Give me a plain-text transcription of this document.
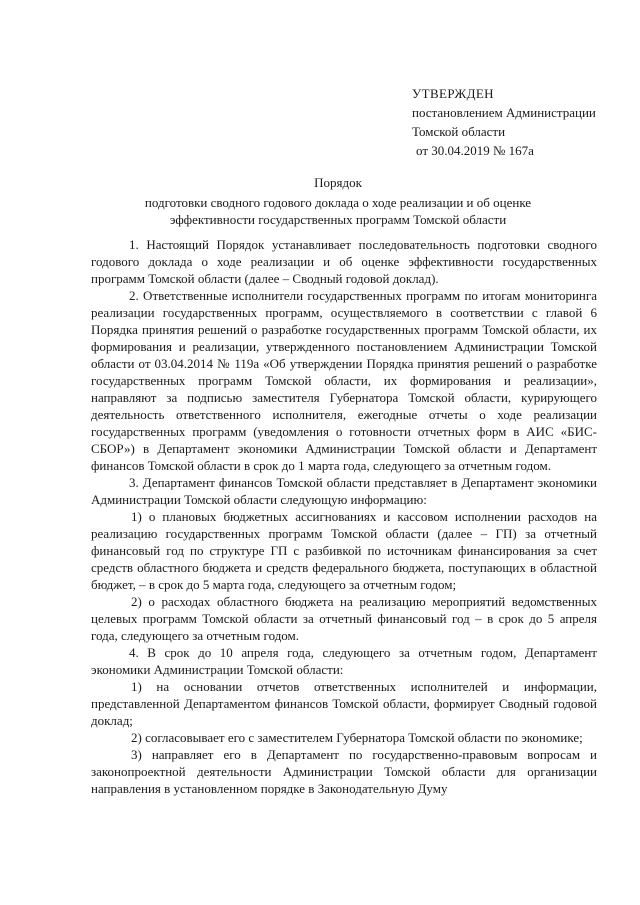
УТВЕРЖДЕН
постановлением Администрации
Томской области
от 30.04.2019 № 167а
Порядок
подготовки сводного годового доклада о ходе реализации и об оценке
эффективности государственных программ Томской области

1. Настоящий Порядок устанавливает последовательность подготовки сводного годового доклада о ходе реализации и об оценке эффективности государственных программ Томской области (далее – Сводный годовой доклад).

2. Ответственные исполнители государственных программ по итогам мониторинга реализации государственных программ, осуществляемого в соответствии с главой 6 Порядка принятия решений о разработке государственных программ Томской области, их формирования и реализации, утвержденного постановлением Администрации Томской области от 03.04.2014 № 119а «Об утверждении Порядка принятия решений о разработке государственных программ Томской области, их формирования и реализации», направляют за подписью заместителя Губернатора Томской области, курирующего деятельность ответственного исполнителя, ежегодные отчеты о ходе реализации государственных программ (уведомления о готовности отчетных форм в АИС «БИС-СБОР») в Департамент экономики Администрации Томской области и Департамент финансов Томской области в срок до 1 марта года, следующего за отчетным годом.

3. Департамент финансов Томской области представляет в Департамент экономики Администрации Томской области следующую информацию:

1) о плановых бюджетных ассигнованиях и кассовом исполнении расходов на реализацию государственных программ Томской области (далее – ГП) за отчетный финансовый год по структуре ГП с разбивкой по источникам финансирования за счет средств областного бюджета и средств федерального бюджета, поступающих в областной бюджет, – в срок до 5 марта года, следующего за отчетным годом;

2) о расходах областного бюджета на реализацию мероприятий ведомственных целевых программ Томской области за отчетный финансовый год – в срок до 5 апреля года, следующего за отчетным годом.

4. В срок до 10 апреля года, следующего за отчетным годом, Департамент экономики Администрации Томской области:

1) на основании отчетов ответственных исполнителей и информации, представленной Департаментом финансов Томской области, формирует Сводный годовой доклад;

2) согласовывает его с заместителем Губернатора Томской области по экономике;

3) направляет его в Департамент по государственно-правовым вопросам и законопроектной деятельности Администрации Томской области для организации направления в установленном порядке в Законодательную Думу
